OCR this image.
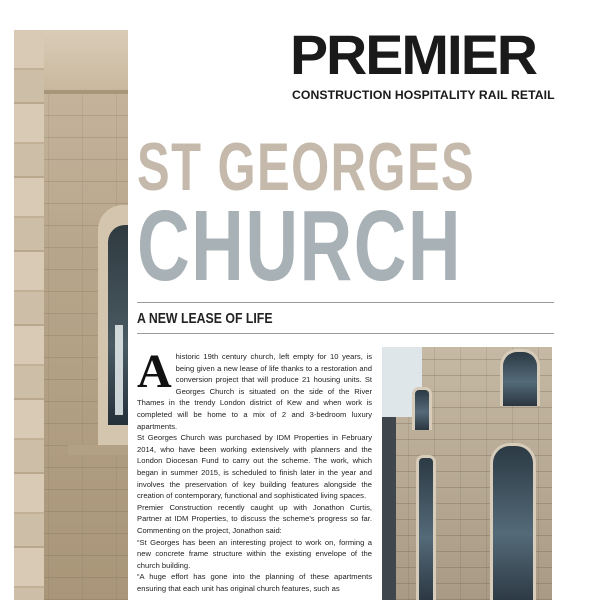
PREMIER
CONSTRUCTION HOSPITALITY RAIL RETAIL
ST GEORGES
CHURCH
A NEW LEASE OF LIFE

Ahistoric 19th century church, left empty for 10 years, is being given a new lease of life thanks to a restoration and conversion project that will produce 21 housing units. St Georges Church is situated on the side of the River Thames in the trendy London district of Kew and when work is completed will be home to a mix of 2 and 3-bedroom luxury apartments.

St Georges Church was purchased by IDM Properties in February 2014, who have been working extensively with planners and the London Diocesan Fund to carry out the scheme. The work, which began in summer 2015, is scheduled to finish later in the year and involves the preservation of key building features alongside the creation of contemporary, functional and sophisticated living spaces.

Premier Construction recently caught up with Jonathon Curtis, Partner at IDM Properties, to discuss the scheme's progress so far. Commenting on the project, Jonathon said:

“St Georges has been an interesting project to work on, forming a new concrete frame structure within the existing envelope of the church building.

“A huge effort has gone into the planning of these apartments ensuring that each unit has original church features, such as
